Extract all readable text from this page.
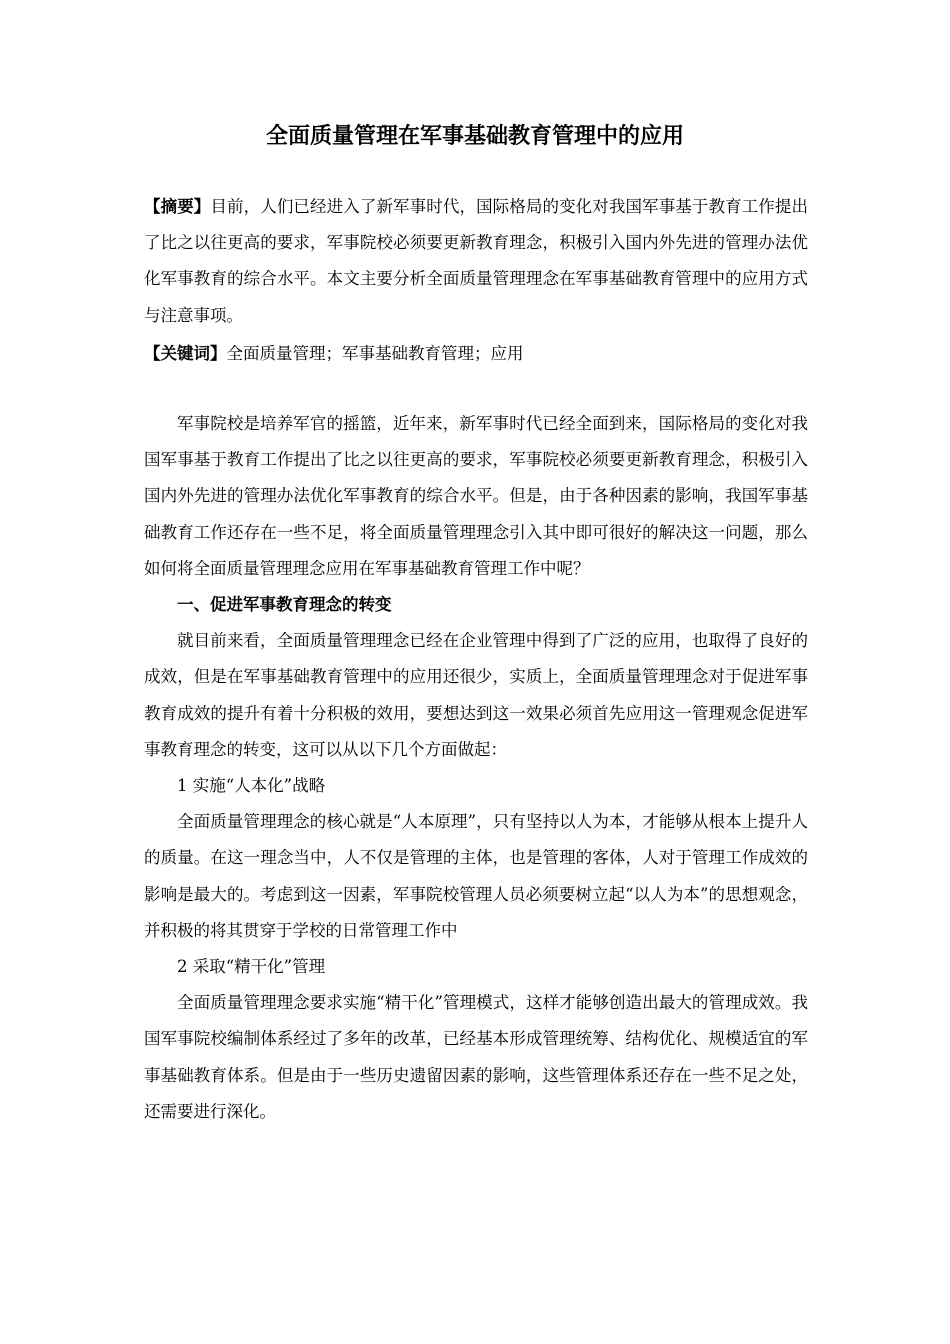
全面质量管理在军事基础教育管理中的应用

【摘要】目前，人们已经进入了新军事时代，国际格局的变化对我国军事基于教育工作提出了比之以往更高的要求，军事院校必须要更新教育理念，积极引入国内外先进的管理办法优化军事教育的综合水平。本文主要分析全面质量管理理念在军事基础教育管理中的应用方式与注意事项。

【关键词】全面质量管理；军事基础教育管理；应用

军事院校是培养军官的摇篮，近年来，新军事时代已经全面到来，国际格局的变化对我国军事基于教育工作提出了比之以往更高的要求，军事院校必须要更新教育理念，积极引入国内外先进的管理办法优化军事教育的综合水平。但是，由于各种因素的影响，我国军事基础教育工作还存在一些不足，将全面质量管理理念引入其中即可很好的解决这一问题，那么如何将全面质量管理理念应用在军事基础教育管理工作中呢？

一、促进军事教育理念的转变

就目前来看，全面质量管理理念已经在企业管理中得到了广泛的应用，也取得了良好的成效，但是在军事基础教育管理中的应用还很少，实质上，全面质量管理理念对于促进军事教育成效的提升有着十分积极的效用，要想达到这一效果必须首先应用这一管理观念促进军事教育理念的转变，这可以从以下几个方面做起：

1 实施“人本化”战略

全面质量管理理念的核心就是“人本原理”，只有坚持以人为本，才能够从根本上提升人的质量。在这一理念当中，人不仅是管理的主体，也是管理的客体，人对于管理工作成效的影响是最大的。考虑到这一因素，军事院校管理人员必须要树立起“以人为本”的思想观念，并积极的将其贯穿于学校的日常管理工作中

2 采取“精干化”管理

全面质量管理理念要求实施“精干化”管理模式，这样才能够创造出最大的管理成效。我国军事院校编制体系经过了多年的改革，已经基本形成管理统筹、结构优化、规模适宜的军事基础教育体系。但是由于一些历史遗留因素的影响，这些管理体系还存在一些不足之处，还需要进行深化。
